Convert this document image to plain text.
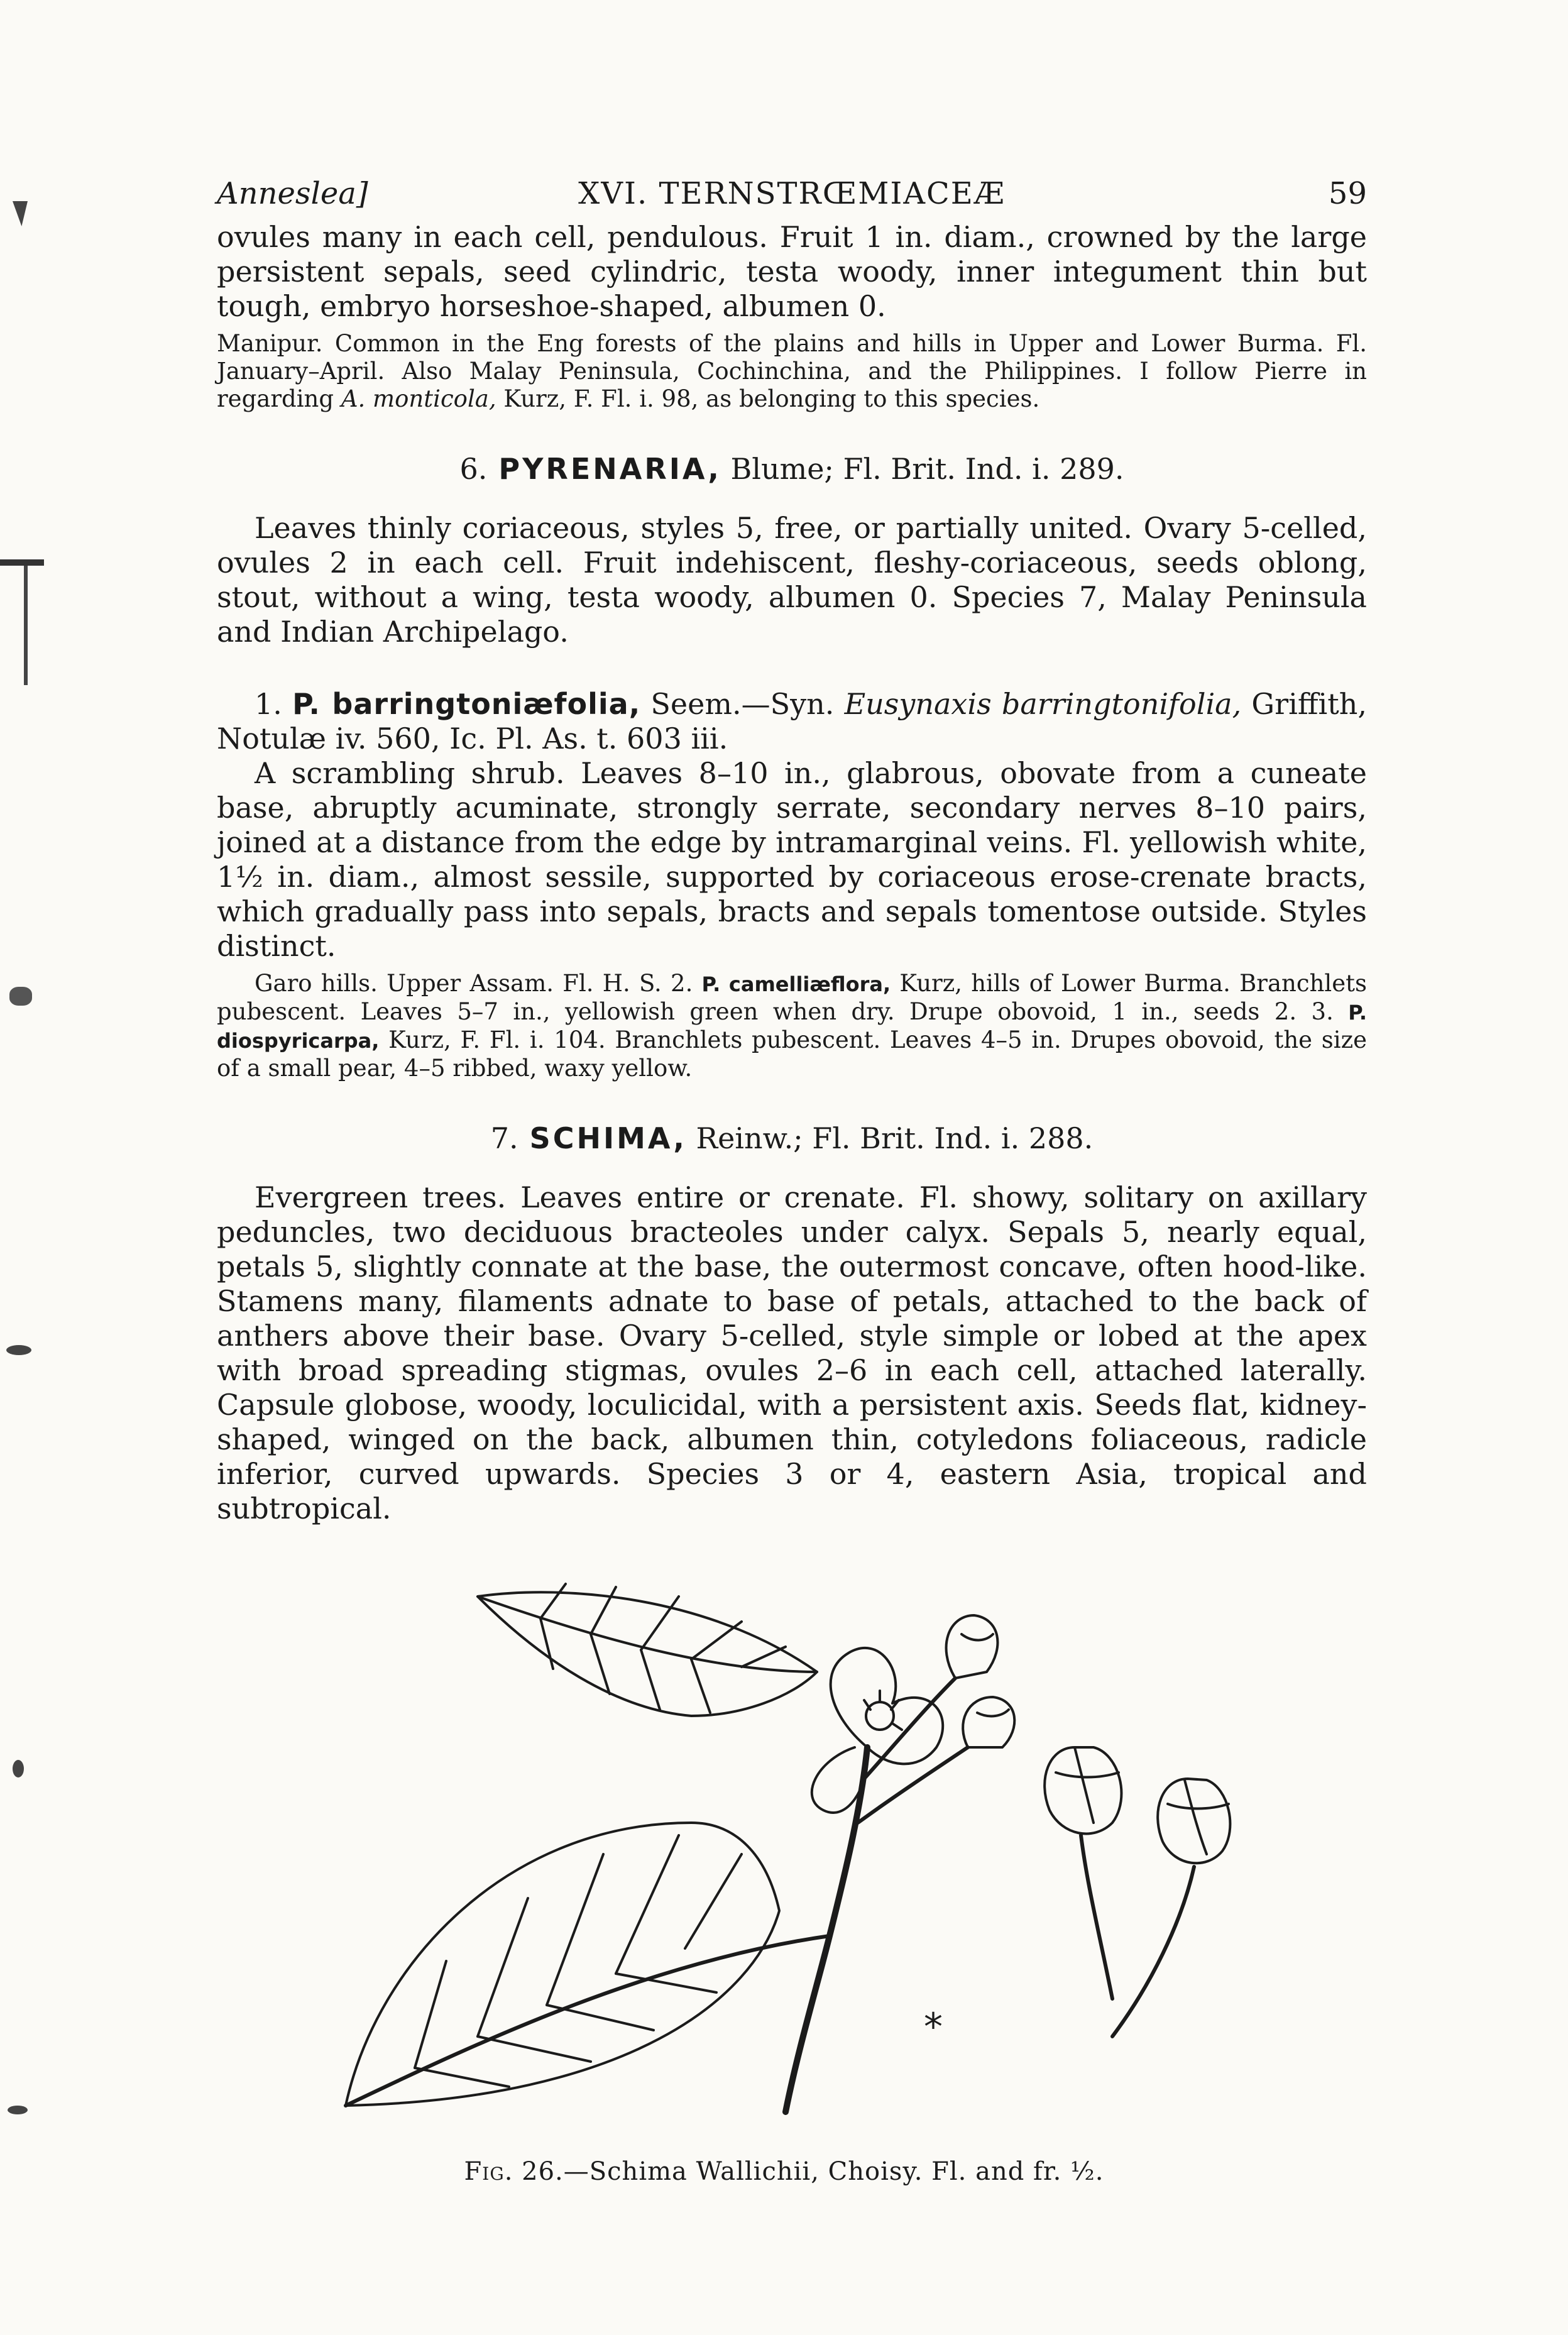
Anneslea]	XVI. TERNSTRŒMIACEÆ	59

ovules many in each cell, pendulous. Fruit 1 in. diam., crowned by the large persistent sepals, seed cylindric, testa woody, inner integument thin but tough, embryo horseshoe-shaped, albumen 0.

Manipur. Common in the Eng forests of the plains and hills in Upper and Lower Burma. Fl. January–April. Also Malay Peninsula, Cochinchina, and the Philippines. I follow Pierre in regarding A. monticola, Kurz, F. Fl. i. 98, as belonging to this species.

6. PYRENARIA, Blume; Fl. Brit. Ind. i. 289.

Leaves thinly coriaceous, styles 5, free, or partially united. Ovary 5-celled, ovules 2 in each cell. Fruit indehiscent, fleshy-coriaceous, seeds oblong, stout, without a wing, testa woody, albumen 0. Species 7, Malay Peninsula and Indian Archipelago.

1. P. barringtoniæfolia, Seem.—Syn. Eusynaxis barringtonifolia, Griffith, Notulæ iv. 560, Ic. Pl. As. t. 603 iii.

A scrambling shrub. Leaves 8–10 in., glabrous, obovate from a cuneate base, abruptly acuminate, strongly serrate, secondary nerves 8–10 pairs, joined at a distance from the edge by intramarginal veins. Fl. yellowish white, 1½ in. diam., almost sessile, supported by coriaceous erose-crenate bracts, which gradually pass into sepals, bracts and sepals tomentose outside. Styles distinct.

Garo hills. Upper Assam. Fl. H. S. 2. P. camelliæflora, Kurz, hills of Lower Burma. Branchlets pubescent. Leaves 5–7 in., yellowish green when dry. Drupe obovoid, 1 in., seeds 2. 3. P. diospyricarpa, Kurz, F. Fl. i. 104. Branchlets pubescent. Leaves 4–5 in. Drupes obovoid, the size of a small pear, 4–5 ribbed, waxy yellow.

7. SCHIMA, Reinw.; Fl. Brit. Ind. i. 288.

Evergreen trees. Leaves entire or crenate. Fl. showy, solitary on axillary peduncles, two deciduous bracteoles under calyx. Sepals 5, nearly equal, petals 5, slightly connate at the base, the outermost concave, often hood-like. Stamens many, filaments adnate to base of petals, attached to the back of anthers above their base. Ovary 5-celled, style simple or lobed at the apex with broad spreading stigmas, ovules 2–6 in each cell, attached laterally. Capsule globose, woody, loculicidal, with a persistent axis. Seeds flat, kidney-shaped, winged on the back, albumen thin, cotyledons foliaceous, radicle inferior, curved upwards. Species 3 or 4, eastern Asia, tropical and subtropical.

*
Fig. 26.—Schima Wallichii, Choisy. Fl. and fr. ½.
